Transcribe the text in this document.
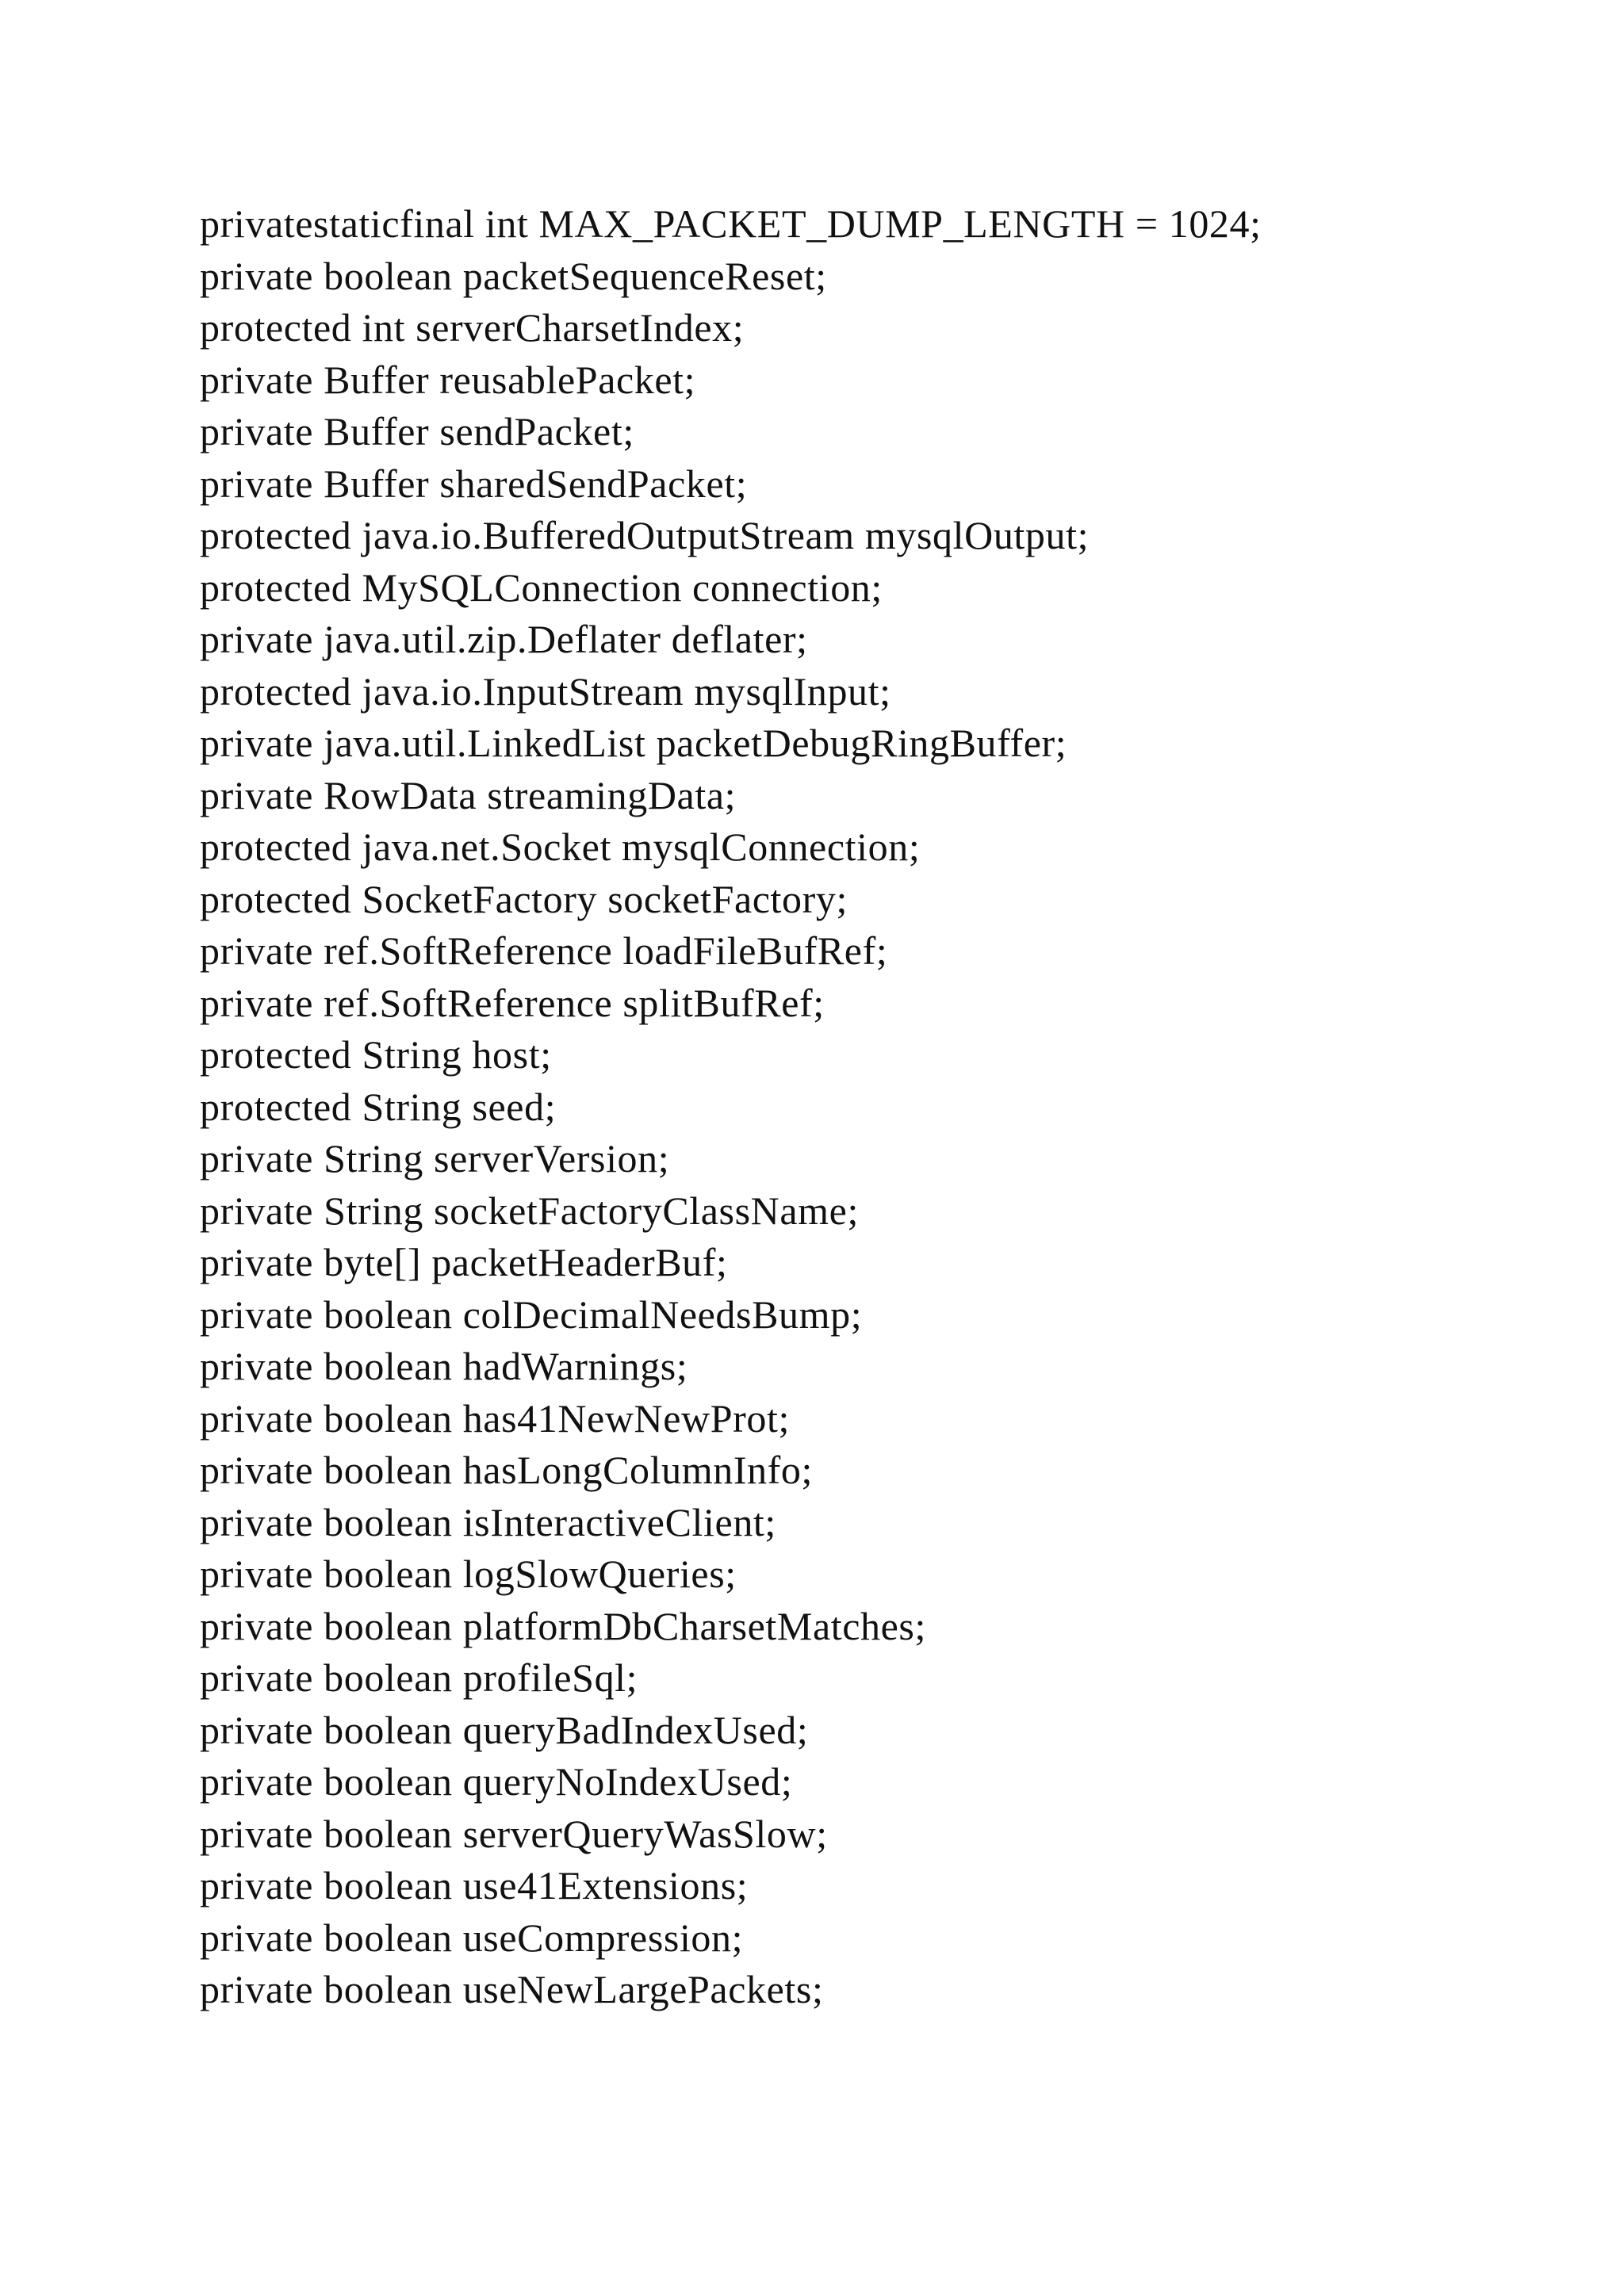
privatestaticfinal int MAX_PACKET_DUMP_LENGTH = 1024;
private boolean packetSequenceReset;
protected int serverCharsetIndex;
private Buffer reusablePacket;
private Buffer sendPacket;
private Buffer sharedSendPacket;
protected java.io.BufferedOutputStream mysqlOutput;
protected MySQLConnection connection;
private java.util.zip.Deflater deflater;
protected java.io.InputStream mysqlInput;
private java.util.LinkedList packetDebugRingBuffer;
private RowData streamingData;
protected java.net.Socket mysqlConnection;
protected SocketFactory socketFactory;
private ref.SoftReference loadFileBufRef;
private ref.SoftReference splitBufRef;
protected String host;
protected String seed;
private String serverVersion;
private String socketFactoryClassName;
private byte[] packetHeaderBuf;
private boolean colDecimalNeedsBump;
private boolean hadWarnings;
private boolean has41NewNewProt;
private boolean hasLongColumnInfo;
private boolean isInteractiveClient;
private boolean logSlowQueries;
private boolean platformDbCharsetMatches;
private boolean profileSql;
private boolean queryBadIndexUsed;
private boolean queryNoIndexUsed;
private boolean serverQueryWasSlow;
private boolean use41Extensions;
private boolean useCompression;
private boolean useNewLargePackets;
